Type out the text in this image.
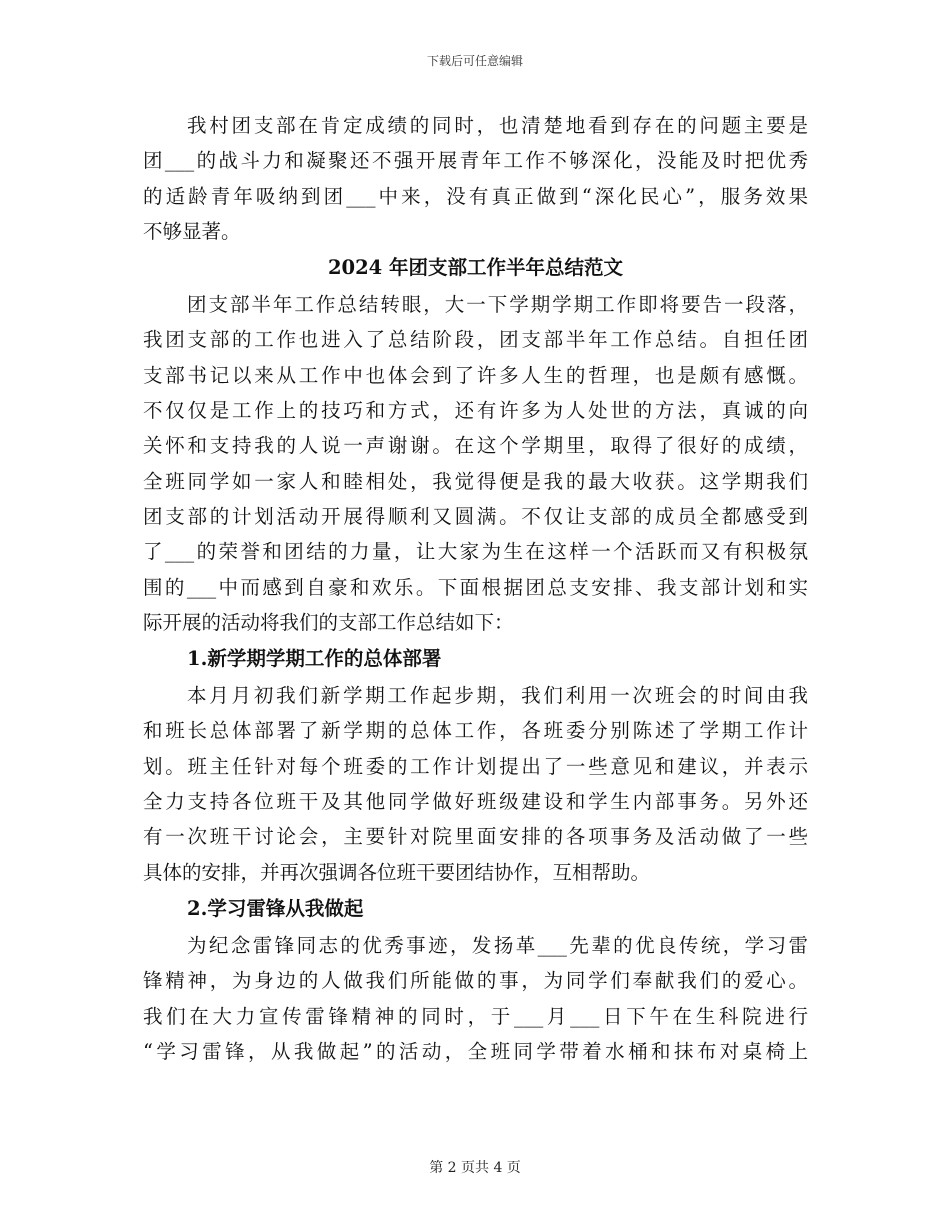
下载后可任意编辑
我村团支部在肯定成绩的同时，也清楚地看到存在的问题主要是
团___的战斗力和凝聚还不强开展青年工作不够深化，没能及时把优秀
的适龄青年吸纳到团___中来，没有真正做到“深化民心”，服务效果
不够显著。
2024 年团支部工作半年总结范文
团支部半年工作总结转眼，大一下学期学期工作即将要告一段落，
我团支部的工作也进入了总结阶段，团支部半年工作总结。自担任团
支部书记以来从工作中也体会到了许多人生的哲理，也是颇有感慨。
不仅仅是工作上的技巧和方式，还有许多为人处世的方法，真诚的向
关怀和支持我的人说一声谢谢。在这个学期里，取得了很好的成绩，
全班同学如一家人和睦相处，我觉得便是我的最大收获。这学期我们
团支部的计划活动开展得顺利又圆满。不仅让支部的成员全都感受到
了___的荣誉和团结的力量，让大家为生在这样一个活跃而又有积极氛
围的___中而感到自豪和欢乐。下面根据团总支安排、我支部计划和实
际开展的活动将我们的支部工作总结如下：
1.新学期学期工作的总体部署
本月月初我们新学期工作起步期，我们利用一次班会的时间由我
和班长总体部署了新学期的总体工作，各班委分别陈述了学期工作计
划。班主任针对每个班委的工作计划提出了一些意见和建议，并表示
全力支持各位班干及其他同学做好班级建设和学生内部事务。另外还
有一次班干讨论会，主要针对院里面安排的各项事务及活动做了一些
具体的安排，并再次强调各位班干要团结协作，互相帮助。
2.学习雷锋从我做起
为纪念雷锋同志的优秀事迹，发扬革___先辈的优良传统，学习雷
锋精神，为身边的人做我们所能做的事，为同学们奉献我们的爱心。
我们在大力宣传雷锋精神的同时，于___月___日下午在生科院进行
“学习雷锋，从我做起”的活动，全班同学带着水桶和抹布对桌椅上
第 2 页共 4 页
